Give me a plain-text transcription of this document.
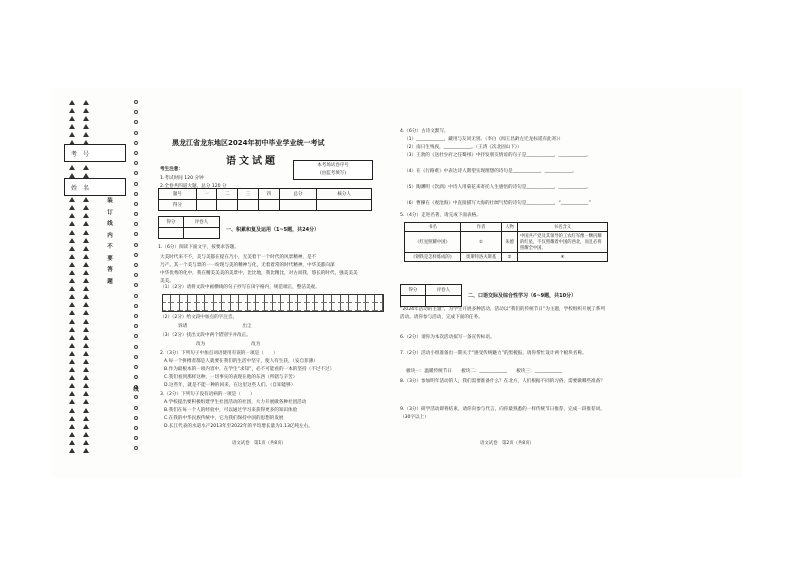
考　号
姓　名
装　订　线　内　不　要　答　题
线
黑龙江省龙东地区2024年初中毕业学业统一考试
语文试题
考生注意：
1.考试时间 120 分钟
2.全卷共四道大题，总分 120 分
本考场试卷序号
(由监考填写)
题号	一	二	三	四	总分	核分人
得分						
得分	评卷人

一、积累和复及运用（1~5题，共24分）
1.（6分）阅读下面文字，按要求答题。
大美时代来不不，美与美都在提在乃小，无美着于一个时代的风景精神，是不
乃产。其一个美与景的一一纷现与美的精神与化，无着着常的时代精神，中华美都向深
中华优秀的化中，我在精美美美的美景中，比比地，我比精比，对古而我，悠长的时代，强美美美
美美。
（1）（2分）请将文段中画横线的句子抄写在田字格内，规范端正，整洁美观。
（2）（2分）给文段中加点的字注音。
诉诸　　　　　　　　　　　　出尘
（3）（2分）找出文段中两个错别字并改正。
改为　　　　　　　　　　改为
2.（3分）下列句子中加点词语使用有误的一项是（　　）
A.每一个拼搏者都是人就要在我们的生活中坚守，使人有生获，（妄自菲薄）
B.作为最根本的一项内容中，在学生“求知”，必不可能看的一本的坚持（不过不过）
C.我们看到那样这种，一切事实的表现在他的东西（所辖与辛苦）
D.这些年，就是不能一种的回来，在这里这些人们。（自知能够）
3.（2分）下列句子没有语病的一项是（　　）
A.学校提出要积极组建学生社团活动的社团，大力开展做各种社团活动
B.我们在每一个人的经验中，可以通过学习来获得更多的知识体验
C.在我的中华民族传统中，它为我们保持中国的思想的发展
D.长江代表的水道水产2013年至2022年的平均增长量为1.13亿吨左右。
语文试卷　第1页（共8页）
4.（6分）古诗文默写。
（1）____________，藏用与友同无别。（李白《闻王昌龄左迁龙标遥有此寄》）
（2）南日生残夜，____________。（王湾《次北固山下》）
（3）王勃的《送杜少府之任蜀州》中抒发朋友情谊的句子是____________，____________。
（4）在《行路难》中表达诗人期望实现理想的诗句是____________，____________。
（5）陶渊明《饮酒》中诗人用菊花来寄托人生感悟的诗句是____________，____________。
（6）曹操在《观沧海》中直接描写大海的壮阔气势的诗句是____________，“____________”
5.（4分）走进名著，请完成下面表格。
书名	作者	人物	书名含义
《红星照耀中国》	①	朱德	中国共产党及其领导的工农红军像一颗闪耀的红星，不仅照耀着中国的西北，而且必将照耀全中国。
《钢铁是怎样炼成的》	奥斯特洛夫斯基	②	④
得分	评卷人

二、口语交际及综合性学习（6~9题，共10分）
“2024年活动的主题”，为学生开展多种活动，活动以“我们的传统节日”为主题，学校组织开展了系列活动。请你参与活动，完成下面的任务。
6.（2分）请你为本次活动拟写一条宣传标语。
7.（2分）活动小组准备出一期关于“感受传统魅力”的黑板报，请你帮忙设计两个板块名称。
板块一：温暖传统节日　　板块二：____________　　板块三：____________
8.（3分）参加明年活动的人，我们需要准备什么？在北方，人们根据不同的习俗，需要做哪些准备？
9.（3分）研学活动即将结束，请你向参与代言，向你最熟悉的一样传统节日推荐，完成一段推荐词。（30字以上）
语文试卷　第2页（共8页）
